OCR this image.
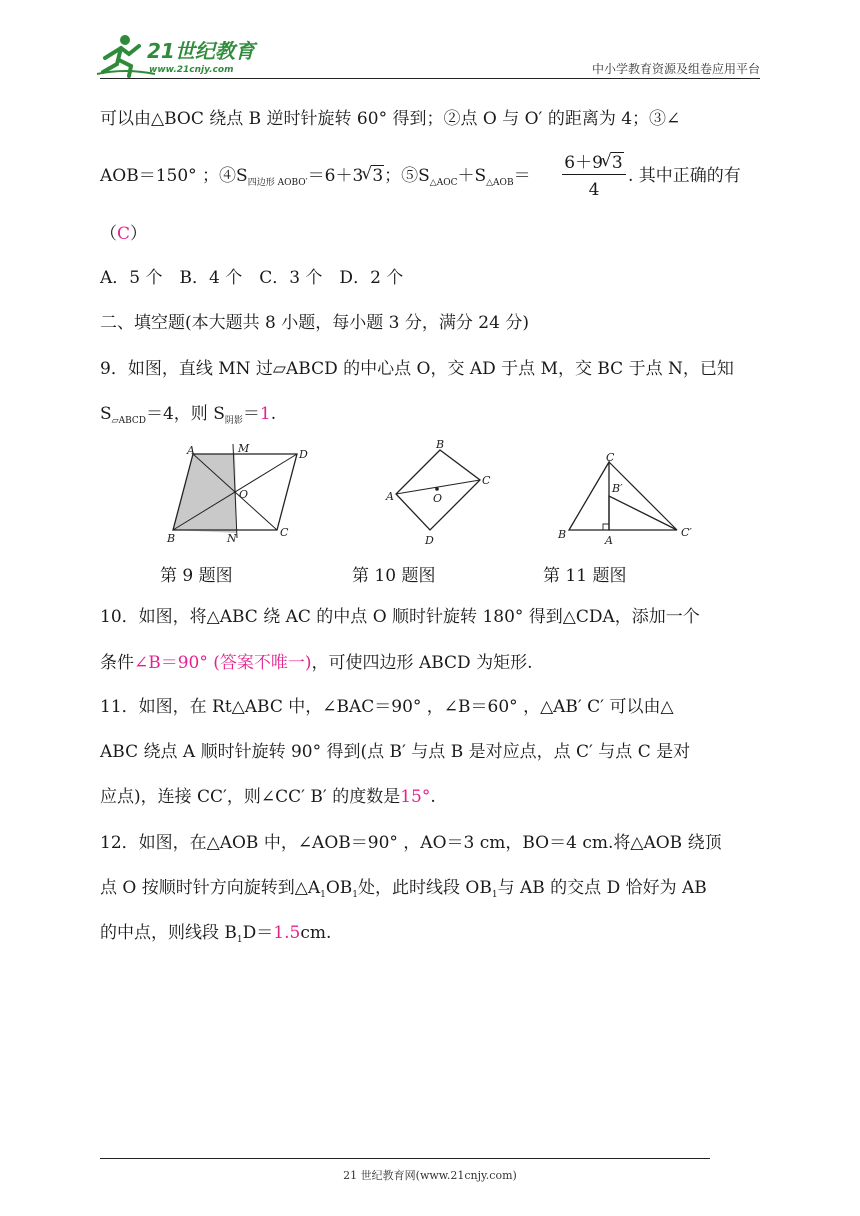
21世纪教育
www.21cnjy.com	中小学教育资源及组卷应用平台
可以由△BOC 绕点 B 逆时针旋转 60° 得到；②点 O 与 O′ 的距离为 4；③∠
AOB＝150° ；$④S_{四边形 AOBO'}=6+3√$ 3；$⑤S_{\triangle AOC}+S_{\triangle AOB}=$
6＋9√ 3
4
. 其中正确的有
（C）
A．5 个　B．4 个　C．3 个　D．2 个
二、填空题(本大题共 8 小题，每小题 3 分，满分 24 分)
9．如图，直线 MN 过▱ABCD 的中心点 O，交 AD 于点 M，交 BC 于点 N，已知
$S_{▱ABCD}=4$，则 $S_{阴影}=1$.
A	M	D
O
B	N	C
B
A	O
C
D
C
B′
B	A
C′
第 9 题图	第 10 题图	第 11 题图
10．如图，将△ABC 绕 AC 的中点 O 顺时针旋转 180° 得到△CDA，添加一个
条件∠B＝90° (答案不唯一)，可使四边形 ABCD 为矩形.
11．如图，在 Rt△ABC 中，∠BAC＝90° ，∠B＝60° ，△AB′ C′ 可以由△
ABC 绕点 A 顺时针旋转 90° 得到(点 B′ 与点 B 是对应点，点 C′ 与点 C 是对
应点)，连接 CC′，则∠CC′ B′ 的度数是15°.
12．如图，在△AOB 中，∠AOB＝90° ，AO＝3 cm，BO＝4 cm.将△AOB 绕顶
点 O 按顺时针方向旋转到$\triangle A_1OB_1$处，此时线段 $OB_1$与 AB 的交点 D 恰好为 AB
的中点，则线段 $B_1D=1.5cm$.
21 世纪教育网(www.21cnjy.com)
